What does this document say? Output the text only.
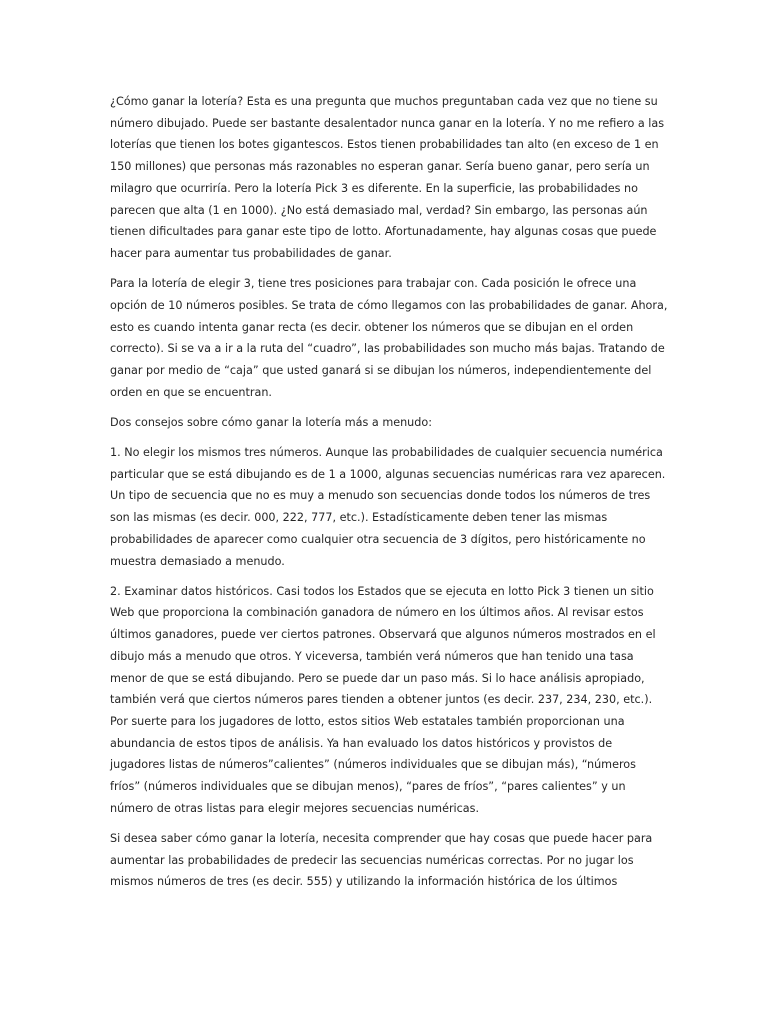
¿Cómo ganar la lotería? Esta es una pregunta que muchos preguntaban cada vez que no tiene su
número dibujado. Puede ser bastante desalentador nunca ganar en la lotería. Y no me refiero a las
loterías que tienen los botes gigantescos. Estos tienen probabilidades tan alto (en exceso de 1 en
150 millones) que personas más razonables no esperan ganar. Sería bueno ganar, pero sería un
milagro que ocurriría. Pero la lotería Pick 3 es diferente. En la superficie, las probabilidades no
parecen que alta (1 en 1000). ¿No está demasiado mal, verdad? Sin embargo, las personas aún
tienen dificultades para ganar este tipo de lotto. Afortunadamente, hay algunas cosas que puede
hacer para aumentar tus probabilidades de ganar.

Para la lotería de elegir 3, tiene tres posiciones para trabajar con. Cada posición le ofrece una
opción de 10 números posibles. Se trata de cómo llegamos con las probabilidades de ganar. Ahora,
esto es cuando intenta ganar recta (es decir. obtener los números que se dibujan en el orden
correcto). Si se va a ir a la ruta del “cuadro”, las probabilidades son mucho más bajas. Tratando de
ganar por medio de “caja” que usted ganará si se dibujan los números, independientemente del
orden en que se encuentran.

Dos consejos sobre cómo ganar la lotería más a menudo:

1. No elegir los mismos tres números. Aunque las probabilidades de cualquier secuencia numérica
particular que se está dibujando es de 1 a 1000, algunas secuencias numéricas rara vez aparecen.
Un tipo de secuencia que no es muy a menudo son secuencias donde todos los números de tres
son las mismas (es decir. 000, 222, 777, etc.). Estadísticamente deben tener las mismas
probabilidades de aparecer como cualquier otra secuencia de 3 dígitos, pero históricamente no
muestra demasiado a menudo.

2. Examinar datos históricos. Casi todos los Estados que se ejecuta en lotto Pick 3 tienen un sitio
Web que proporciona la combinación ganadora de número en los últimos años. Al revisar estos
últimos ganadores, puede ver ciertos patrones. Observará que algunos números mostrados en el
dibujo más a menudo que otros. Y viceversa, también verá números que han tenido una tasa
menor de que se está dibujando. Pero se puede dar un paso más. Si lo hace análisis apropiado,
también verá que ciertos números pares tienden a obtener juntos (es decir. 237, 234, 230, etc.).
Por suerte para los jugadores de lotto, estos sitios Web estatales también proporcionan una
abundancia de estos tipos de análisis. Ya han evaluado los datos históricos y provistos de
jugadores listas de números”calientes” (números individuales que se dibujan más), “números
fríos” (números individuales que se dibujan menos), “pares de fríos”, “pares calientes” y un
número de otras listas para elegir mejores secuencias numéricas.

Si desea saber cómo ganar la lotería, necesita comprender que hay cosas que puede hacer para
aumentar las probabilidades de predecir las secuencias numéricas correctas. Por no jugar los
mismos números de tres (es decir. 555) y utilizando la información histórica de los últimos
